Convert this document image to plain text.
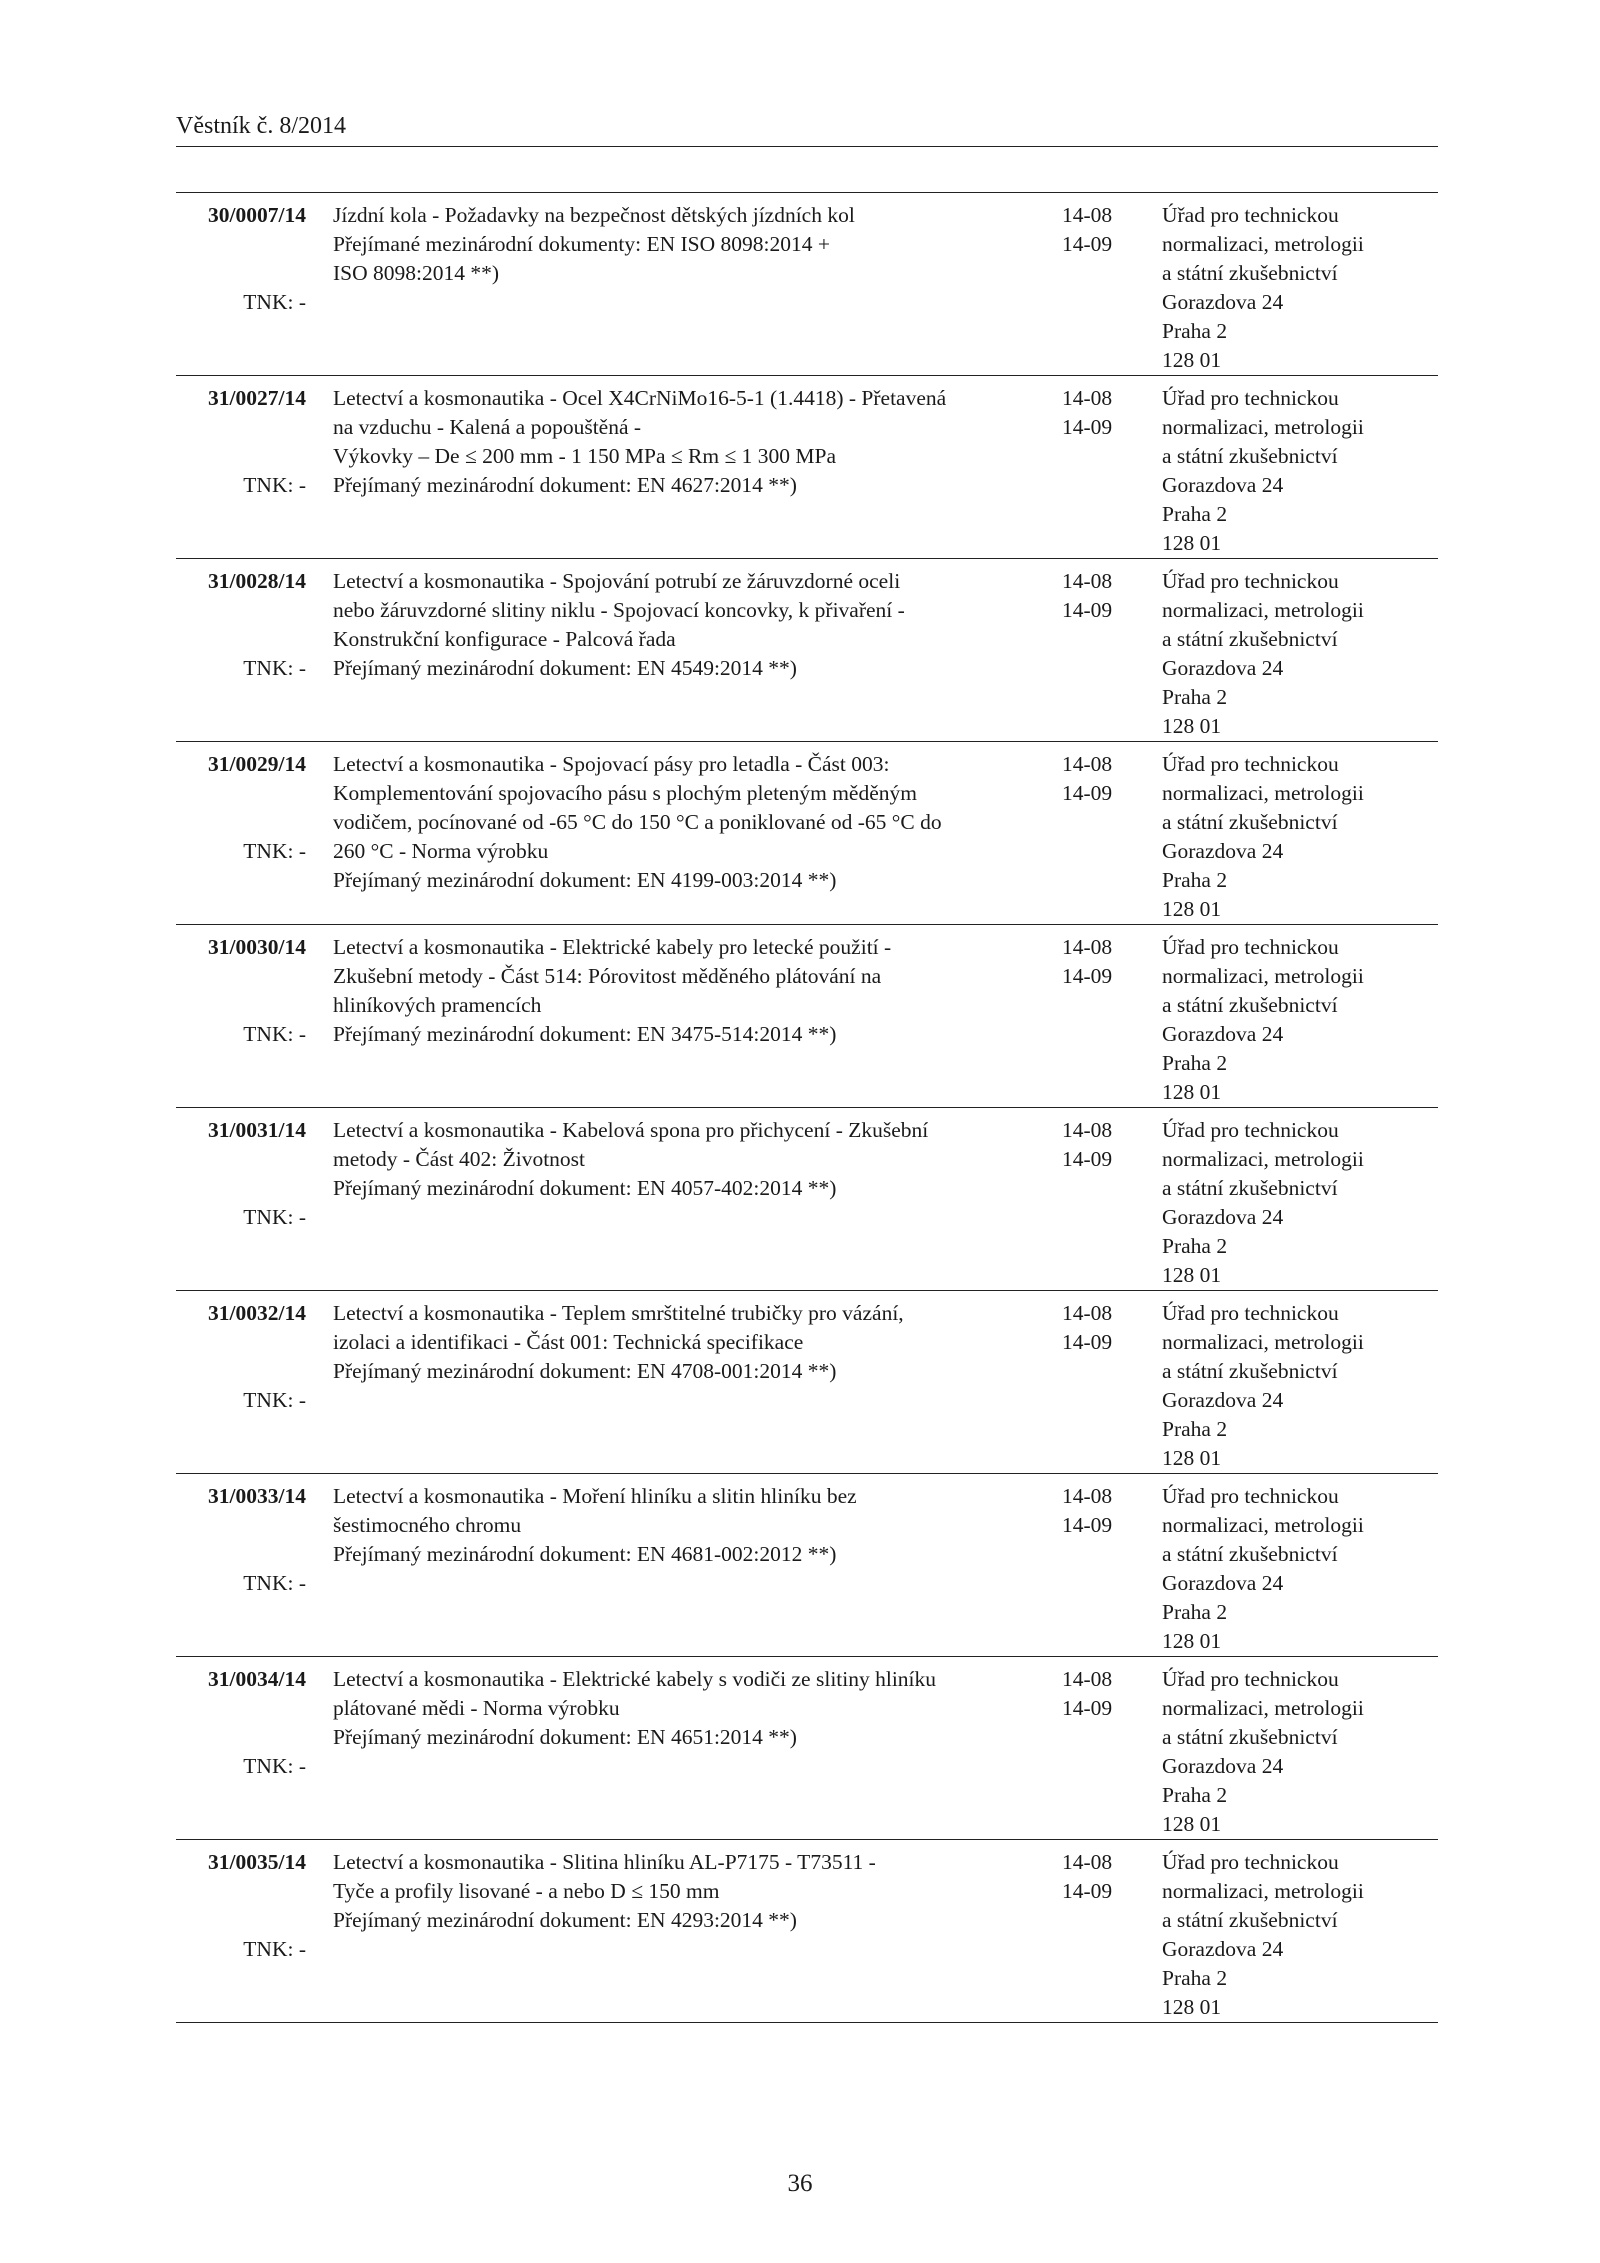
Věstník č. 8/2014
30/0007/14
TNK: -
Jízdní kola - Požadavky na bezpečnost dětských jízdních kol
Přejímané mezinárodní dokumenty: EN ISO 8098:2014 +
ISO 8098:2014 **)
14-08
14-09
Úřad pro technickou
normalizaci, metrologii
a státní zkušebnictví
Gorazdova 24
Praha 2
128 01
31/0027/14
TNK: -
Letectví a kosmonautika - Ocel X4CrNiMo16-5-1 (1.4418) - Přetavená
na vzduchu - Kalená a popouštěná -
Výkovky – De ≤ 200 mm - 1 150 MPa ≤ Rm ≤ 1 300 MPa
Přejímaný mezinárodní dokument: EN 4627:2014 **)
14-08
14-09
Úřad pro technickou
normalizaci, metrologii
a státní zkušebnictví
Gorazdova 24
Praha 2
128 01
31/0028/14
TNK: -
Letectví a kosmonautika - Spojování potrubí ze žáruvzdorné oceli
nebo žáruvzdorné slitiny niklu - Spojovací koncovky, k přivaření -
Konstrukční konfigurace - Palcová řada
Přejímaný mezinárodní dokument: EN 4549:2014 **)
14-08
14-09
Úřad pro technickou
normalizaci, metrologii
a státní zkušebnictví
Gorazdova 24
Praha 2
128 01
31/0029/14
TNK: -
Letectví a kosmonautika - Spojovací pásy pro letadla - Část 003:
Komplementování spojovacího pásu s plochým pleteným měděným
vodičem, pocínované od -65 °C do 150 °C a poniklované od -65 °C do
260 °C - Norma výrobku
Přejímaný mezinárodní dokument: EN 4199-003:2014 **)
14-08
14-09
Úřad pro technickou
normalizaci, metrologii
a státní zkušebnictví
Gorazdova 24
Praha 2
128 01
31/0030/14
TNK: -
Letectví a kosmonautika - Elektrické kabely pro letecké použití -
Zkušební metody - Část 514: Pórovitost měděného plátování na
hliníkových pramencích
Přejímaný mezinárodní dokument: EN 3475-514:2014 **)
14-08
14-09
Úřad pro technickou
normalizaci, metrologii
a státní zkušebnictví
Gorazdova 24
Praha 2
128 01
31/0031/14
TNK: -
Letectví a kosmonautika - Kabelová spona pro přichycení - Zkušební
metody - Část 402: Životnost
Přejímaný mezinárodní dokument: EN 4057-402:2014 **)
14-08
14-09
Úřad pro technickou
normalizaci, metrologii
a státní zkušebnictví
Gorazdova 24
Praha 2
128 01
31/0032/14
TNK: -
Letectví a kosmonautika - Teplem smrštitelné trubičky pro vázání,
izolaci a identifikaci - Část 001: Technická specifikace
Přejímaný mezinárodní dokument: EN 4708-001:2014 **)
14-08
14-09
Úřad pro technickou
normalizaci, metrologii
a státní zkušebnictví
Gorazdova 24
Praha 2
128 01
31/0033/14
TNK: -
Letectví a kosmonautika - Moření hliníku a slitin hliníku bez
šestimocného chromu
Přejímaný mezinárodní dokument: EN 4681-002:2012 **)
14-08
14-09
Úřad pro technickou
normalizaci, metrologii
a státní zkušebnictví
Gorazdova 24
Praha 2
128 01
31/0034/14
TNK: -
Letectví a kosmonautika - Elektrické kabely s vodiči ze slitiny hliníku
plátované mědi - Norma výrobku
Přejímaný mezinárodní dokument: EN 4651:2014 **)
14-08
14-09
Úřad pro technickou
normalizaci, metrologii
a státní zkušebnictví
Gorazdova 24
Praha 2
128 01
31/0035/14
TNK: -
Letectví a kosmonautika - Slitina hliníku AL-P7175 - T73511 -
Tyče a profily lisované - a nebo D ≤ 150 mm
Přejímaný mezinárodní dokument: EN 4293:2014 **)
14-08
14-09
Úřad pro technickou
normalizaci, metrologii
a státní zkušebnictví
Gorazdova 24
Praha 2
128 01
36
